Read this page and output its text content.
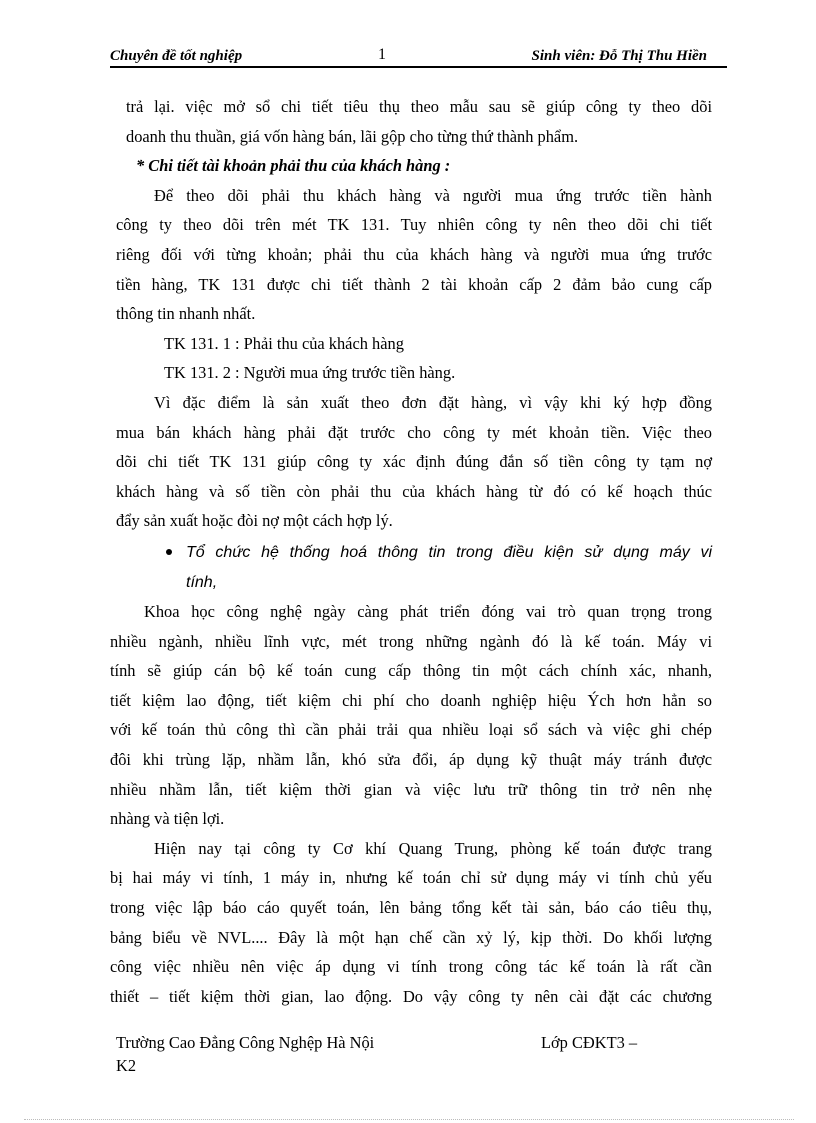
Chuyên đề tốt nghiệp	1	Sinh viên: Đỗ Thị Thu Hiền

trả lại. việc mở sổ chi tiết tiêu thụ theo mẫu sau sẽ giúp công ty theo dõi
doanh thu thuần, giá vốn hàng bán, lãi gộp cho từng thứ thành phẩm.

* Chi tiết tài khoản phải thu của khách hàng :

Để theo dõi phải thu khách hàng và người mua ứng trước tiền hành
công ty theo dõi trên mét TK 131. Tuy nhiên công ty nên theo dõi chi tiết
riêng đối với từng khoản; phải thu của khách hàng và người mua ứng trước
tiền hàng, TK 131 được chi tiết thành 2 tài khoản cấp 2 đảm bảo cung cấp
thông tin nhanh nhất.

TK 131. 1 : Phải thu của khách hàng

TK 131. 2 : Người mua ứng trước tiền hàng.

Vì đặc điểm là sản xuất theo đơn đặt hàng, vì vậy khi ký hợp đồng
mua bán khách hàng phải đặt trước cho công ty mét khoản tiền. Việc theo
dõi chi tiết TK 131 giúp công ty xác định đúng đắn số tiền công ty tạm nợ
khách hàng và số tiền còn phải thu của khách hàng từ đó có kế hoạch thúc
đẩy sản xuất hoặc đòi nợ một cách hợp lý.

Tổ chức hệ thống hoá thông tin trong điều kiện sử dụng máy vi
tính,

Khoa học công nghệ ngày càng phát triển đóng vai trò quan trọng trong
nhiều ngành, nhiều lĩnh vực, mét trong những ngành đó là kế toán. Máy vi
tính sẽ giúp cán bộ kế toán cung cấp thông tin một cách chính xác, nhanh,
tiết kiệm lao động, tiết kiệm chi phí cho doanh nghiệp hiệu Ých hơn hẳn so
với kế toán thủ công thì cần phải trải qua nhiều loại sổ sách và việc ghi chép
đôi khi trùng lặp, nhầm lẫn, khó sửa đổi, áp dụng kỹ thuật máy tránh được
nhiều nhầm lẫn, tiết kiệm thời gian và việc lưu trữ thông tin trở nên nhẹ
nhàng và tiện lợi.

Hiện nay tại công ty Cơ khí Quang Trung, phòng kế toán được trang
bị hai máy vi tính, 1 máy in, nhưng kế toán chỉ sử dụng máy vi tính chủ yếu
trong việc lập báo cáo quyết toán, lên bảng tổng kết tài sản, báo cáo tiêu thụ,
bảng biểu về NVL.... Đây là một hạn chế cần xỷ lý, kịp thời. Do khối lượng
công việc nhiều nên việc áp dụng vi tính trong công tác kế toán là rất cần
thiết – tiết kiệm thời gian, lao động. Do vậy công ty nên cài đặt các chương

Trường Cao Đẳng Công Nghệp Hà Nội	Lớp CĐKT3 –
K2
